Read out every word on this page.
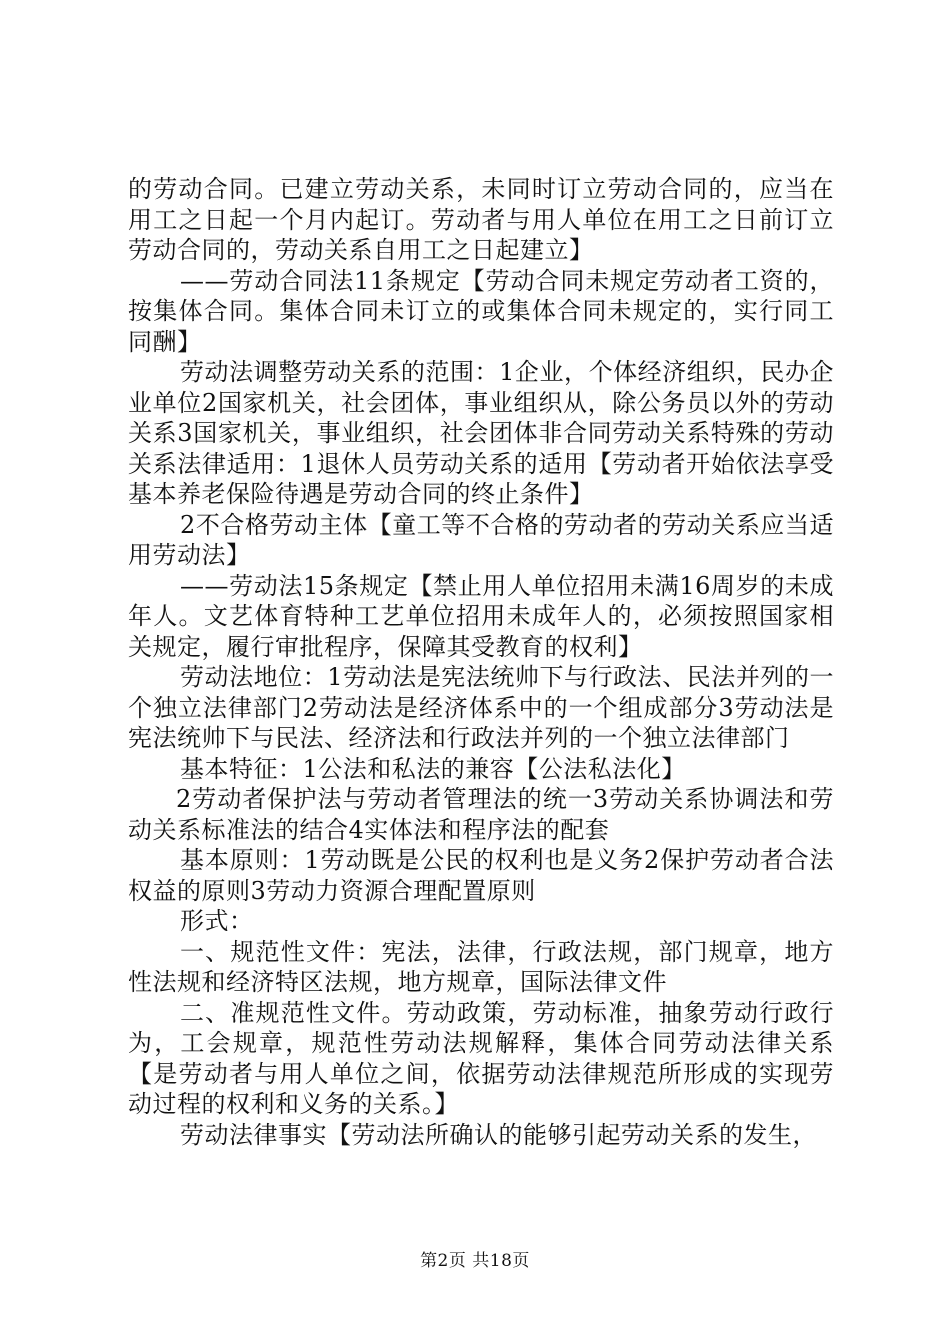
的劳动合同。已建立劳动关系，未同时订立劳动合同的，应当在用工之日起一个月内起订。劳动者与用人单位在用工之日前订立劳动合同的，劳动关系自用工之日起建立】

——劳动合同法11条规定【劳动合同未规定劳动者工资的，按集体合同。集体合同未订立的或集体合同未规定的，实行同工同酬】

劳动法调整劳动关系的范围：1企业，个体经济组织，民办企业单位2国家机关，社会团体，事业组织从，除公务员以外的劳动关系3国家机关，事业组织，社会团体非合同劳动关系特殊的劳动关系法律适用：1退休人员劳动关系的适用【劳动者开始依法享受基本养老保险待遇是劳动合同的终止条件】

2不合格劳动主体【童工等不合格的劳动者的劳动关系应当适用劳动法】

——劳动法15条规定【禁止用人单位招用未满16周岁的未成年人。文艺体育特种工艺单位招用未成年人的，必须按照国家相关规定，履行审批程序，保障其受教育的权利】

劳动法地位：1劳动法是宪法统帅下与行政法、民法并列的一个独立法律部门2劳动法是经济体系中的一个组成部分3劳动法是宪法统帅下与民法、经济法和行政法并列的一个独立法律部门

基本特征：1公法和私法的兼容【公法私法化】

2劳动者保护法与劳动者管理法的统一3劳动关系协调法和劳动关系标准法的结合4实体法和程序法的配套

基本原则：1劳动既是公民的权利也是义务2保护劳动者合法权益的原则3劳动力资源合理配置原则

形式：

一、规范性文件：宪法，法律，行政法规，部门规章，地方性法规和经济特区法规，地方规章，国际法律文件

二、准规范性文件。劳动政策，劳动标准，抽象劳动行政行为，工会规章，规范性劳动法规解释，集体合同劳动法律关系【是劳动者与用人单位之间，依据劳动法律规范所形成的实现劳动过程的权利和义务的关系。】

劳动法律事实【劳动法所确认的能够引起劳动关系的发生，

第2页 共18页
